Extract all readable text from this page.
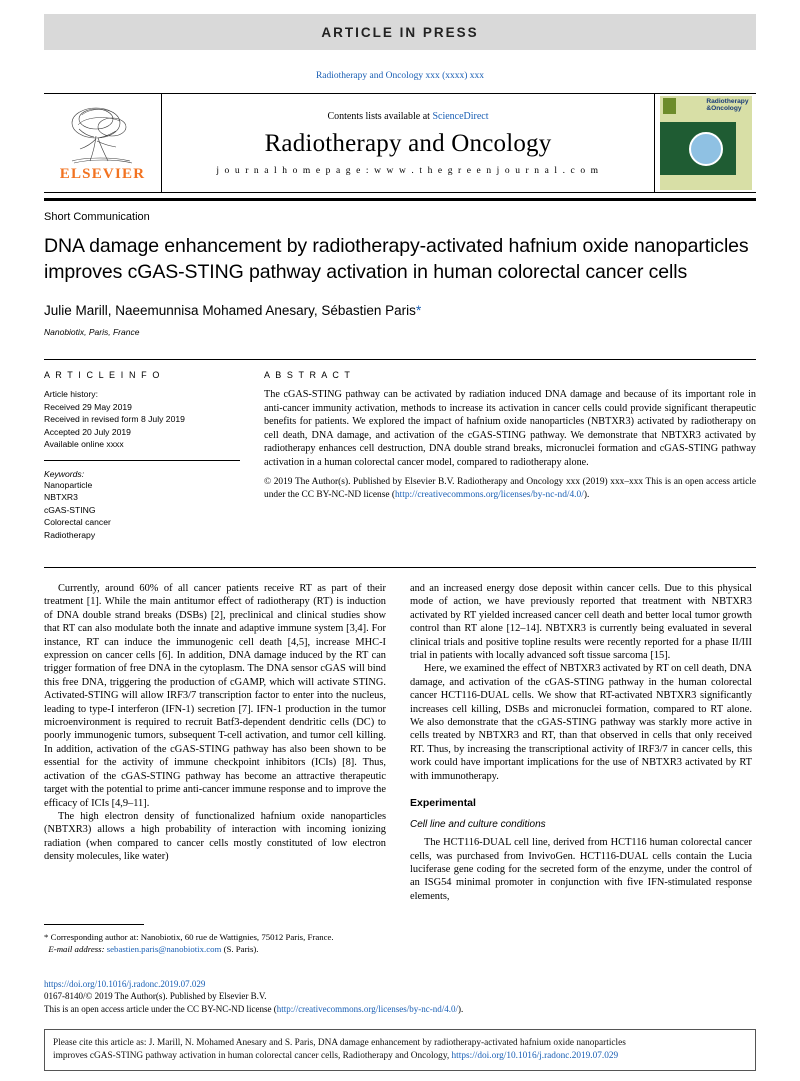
ARTICLE IN PRESS
Radiotherapy and Oncology xxx (xxxx) xxx
ELSEVIER
Contents lists available at ScienceDirect
Radiotherapy and Oncology
j o u r n a l h o m e p a g e : w w w . t h e g r e e n j o u r n a l . c o m
Radiotherapy
&Oncology
Short Communication
DNA damage enhancement by radiotherapy-activated hafnium oxide nanoparticles improves cGAS-STING pathway activation in human colorectal cancer cells
Julie Marill, Naeemunnisa Mohamed Anesary, Sébastien Paris*
Nanobiotix, Paris, France
A R T I C L E I N F O
Article history:
Received 29 May 2019
Received in revised form 8 July 2019
Accepted 20 July 2019
Available online xxxx
Keywords:
Nanoparticle
NBTXR3
cGAS-STING
Colorectal cancer
Radiotherapy
A B S T R A C T
The cGAS-STING pathway can be activated by radiation induced DNA damage and because of its important role in anti-cancer immunity activation, methods to increase its activation in cancer cells could provide significant therapeutic benefits for patients. We explored the impact of hafnium oxide nanoparticles (NBTXR3) activated by radiotherapy on cell death, DNA damage, and activation of the cGAS-STING pathway. We demonstrate that NBTXR3 activated by radiotherapy enhances cell destruction, DNA double strand breaks, micronuclei formation and cGAS-STING pathway activation in a human colorectal cancer model, compared to radiotherapy alone.
© 2019 The Author(s). Published by Elsevier B.V. Radiotherapy and Oncology xxx (2019) xxx–xxx This is an open access article under the CC BY-NC-ND license (http://creativecommons.org/licenses/by-nc-nd/4.0/).

Currently, around 60% of all cancer patients receive RT as part of their treatment [1]. While the main antitumor effect of radiotherapy (RT) is induction of DNA double strand breaks (DSBs) [2], preclinical and clinical studies show that RT can also modulate both the innate and adaptive immune system [3,4]. For instance, RT can induce the immunogenic cell death [4,5], increase MHC-I expression on cancer cells [6]. In addition, DNA damage induced by the RT can trigger formation of free DNA in the cytoplasm. The DNA sensor cGAS will bind this free DNA, triggering the production of cGAMP, which will activate STING. Activated-STING will allow IRF3/7 transcription factor to enter into the nucleus, leading to type-I interferon (IFN-1) secretion [7]. IFN-1 production in the tumor microenvironment is required to recruit Batf3-dependent dendritic cells (DC) to poorly immunogenic tumors, subsequent T-cell activation, and tumor cell killing. In addition, activation of the cGAS-STING pathway has also been shown to be essential for the activity of immune checkpoint inhibitors (ICIs) [8]. Thus, activation of the cGAS-STING pathway has become an attractive therapeutic target with the potential to prime anti-cancer immune response and to improve the efficacy of ICIs [4,9–11].

The high electron density of functionalized hafnium oxide nanoparticles (NBTXR3) allows a high probability of interaction with incoming ionizing radiation (when compared to cancer cells mostly constituted of low electron density molecules, like water)

and an increased energy dose deposit within cancer cells. Due to this physical mode of action, we have previously reported that treatment with NBTXR3 activated by RT yielded increased cancer cell death and better local tumor growth control than RT alone [12–14]. NBTXR3 is currently being evaluated in several clinical trials and positive topline results were recently reported for a phase II/III trial in patients with locally advanced soft tissue sarcoma [15].

Here, we examined the effect of NBTXR3 activated by RT on cell death, DNA damage, and activation of the cGAS-STING pathway in the human colorectal cancer HCT116-DUAL cells. We show that RT-activated NBTXR3 significantly increases cell killing, DSBs and micronuclei formation, compared to RT alone. We also demonstrate that the cGAS-STING pathway was starkly more active in cells treated by NBTXR3 and RT, than that observed in cells that only received RT. Thus, by increasing the transcriptional activity of IRF3/7 in cancer cells, this work could have important implications for the use of NBTXR3 activated by RT with immunotherapy.

Experimental
Cell line and culture conditions

The HCT116-DUAL cell line, derived from HCT116 human colorectal cancer cells, was purchased from InvivoGen. HCT116-DUAL cells contain the Lucia luciferase gene coding for the secreted form of the enzyme, under the control of an ISG54 minimal promoter in conjunction with five IFN-stimulated response elements,

* Corresponding author at: Nanobiotix, 60 rue de Wattignies, 75012 Paris, France.
E-mail address: sebastien.paris@nanobiotix.com (S. Paris).
https://doi.org/10.1016/j.radonc.2019.07.029
0167-8140/© 2019 The Author(s). Published by Elsevier B.V.
This is an open access article under the CC BY-NC-ND license (http://creativecommons.org/licenses/by-nc-nd/4.0/).
Please cite this article as: J. Marill, N. Mohamed Anesary and S. Paris, DNA damage enhancement by radiotherapy-activated hafnium oxide nanoparticles
improves cGAS-STING pathway activation in human colorectal cancer cells, Radiotherapy and Oncology, https://doi.org/10.1016/j.radonc.2019.07.029
